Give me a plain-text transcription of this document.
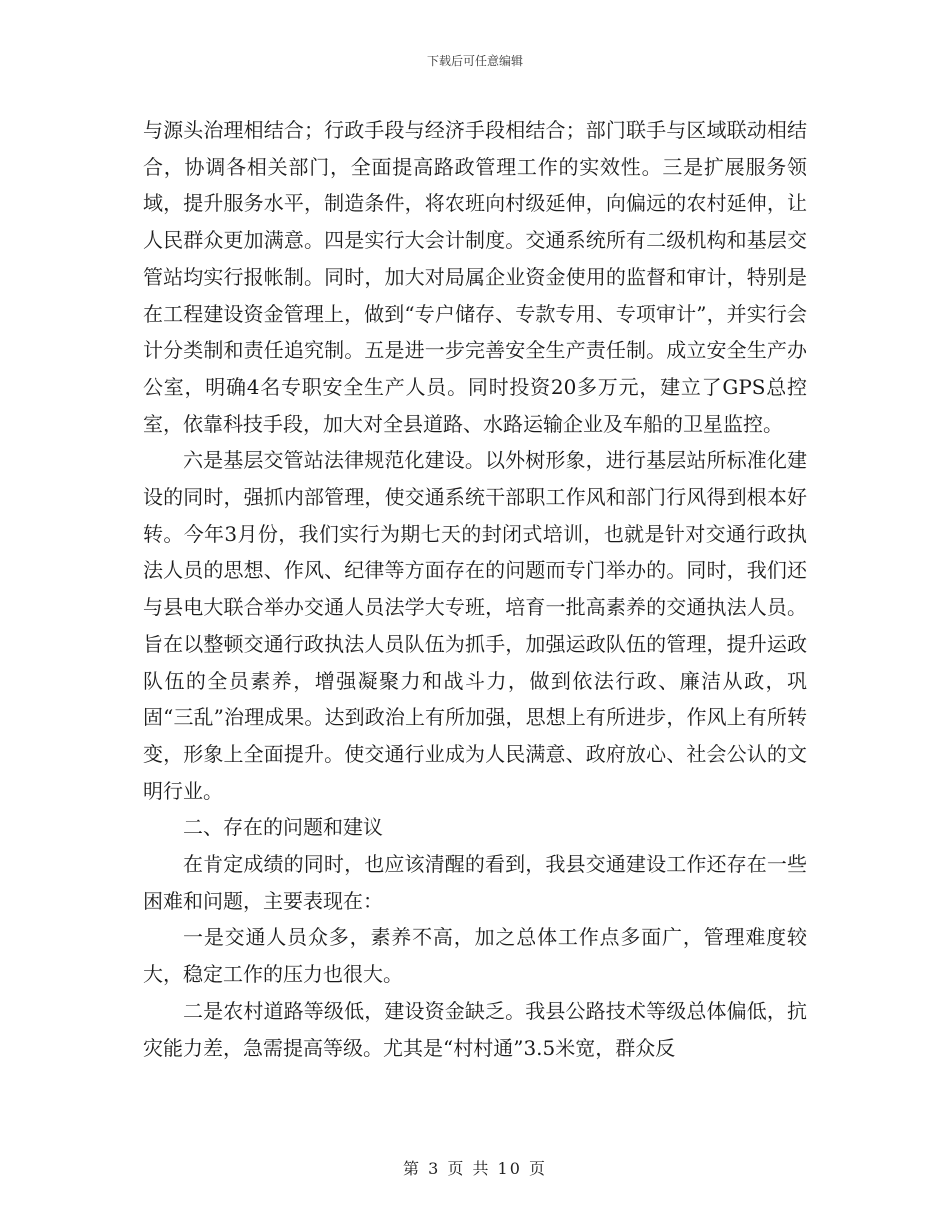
下载后可任意编辑

与源头治理相结合；行政手段与经济手段相结合；部门联手与区域联动相结合，协调各相关部门，全面提高路政管理工作的实效性。三是扩展服务领域，提升服务水平，制造条件，将农班向村级延伸，向偏远的农村延伸，让人民群众更加满意。四是实行大会计制度。交通系统所有二级机构和基层交管站均实行报帐制。同时，加大对局属企业资金使用的监督和审计，特别是在工程建设资金管理上，做到“专户储存、专款专用、专项审计”，并实行会计分类制和责任追究制。五是进一步完善安全生产责任制。成立安全生产办公室，明确4名专职安全生产人员。同时投资20多万元，建立了GPS总控室，依靠科技手段，加大对全县道路、水路运输企业及车船的卫星监控。

六是基层交管站法律规范化建设。以外树形象，进行基层站所标准化建设的同时，强抓内部管理，使交通系统干部职工作风和部门行风得到根本好转。今年3月份，我们实行为期七天的封闭式培训，也就是针对交通行政执法人员的思想、作风、纪律等方面存在的问题而专门举办的。同时，我们还与县电大联合举办交通人员法学大专班，培育一批高素养的交通执法人员。旨在以整顿交通行政执法人员队伍为抓手，加强运政队伍的管理，提升运政队伍的全员素养，增强凝聚力和战斗力，做到依法行政、廉洁从政，巩固“三乱”治理成果。达到政治上有所加强，思想上有所进步，作风上有所转变，形象上全面提升。使交通行业成为人民满意、政府放心、社会公认的文明行业。

二、存在的问题和建议

在肯定成绩的同时，也应该清醒的看到，我县交通建设工作还存在一些困难和问题，主要表现在：

一是交通人员众多，素养不高，加之总体工作点多面广，管理难度较大，稳定工作的压力也很大。

二是农村道路等级低，建设资金缺乏。我县公路技术等级总体偏低，抗灾能力差，急需提高等级。尤其是“村村通”3.5米宽，群众反

第 3 页 共 10 页
